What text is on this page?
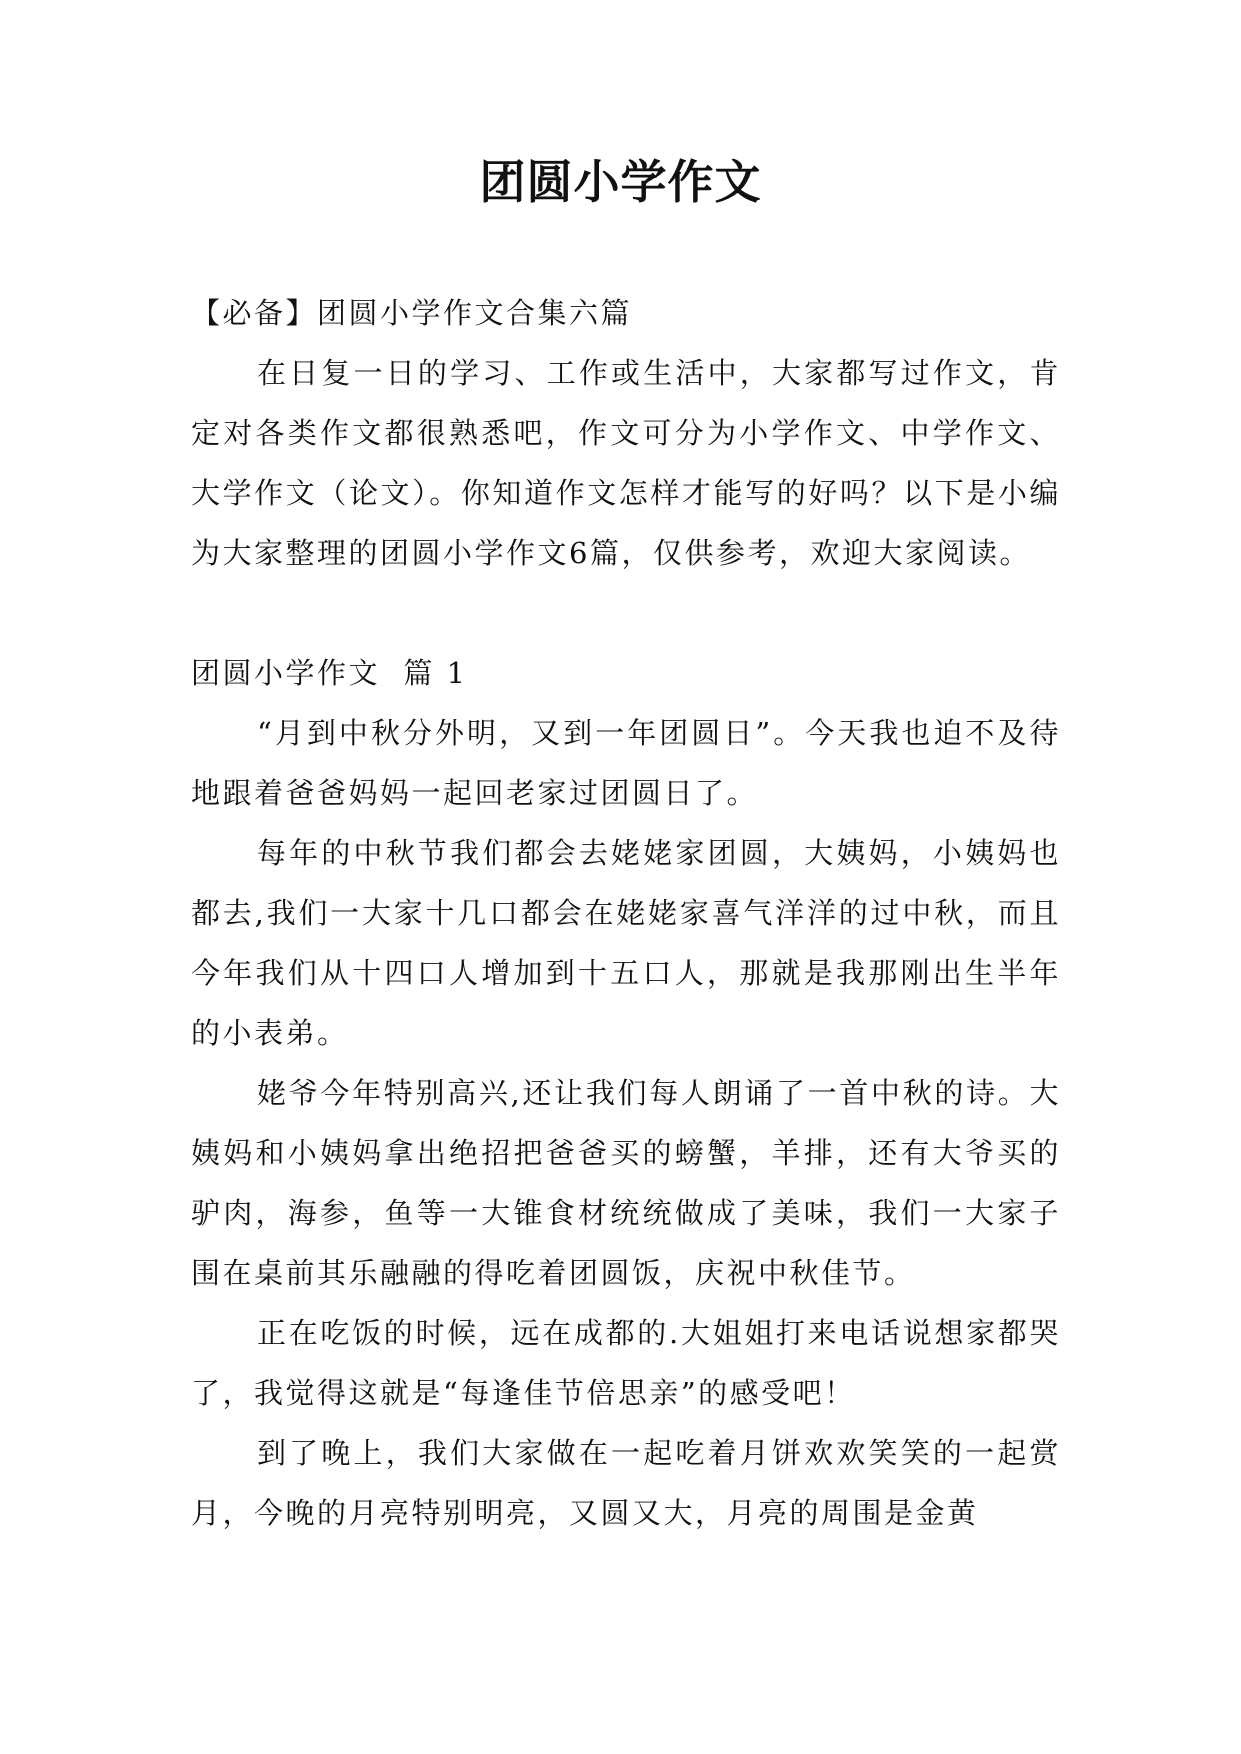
团圆小学作文

【必备】团圆小学作文合集六篇

在日复一日的学习、工作或生活中，大家都写过作文，肯定对各类作文都很熟悉吧，作文可分为小学作文、中学作文、大学作文（论文）。你知道作文怎样才能写的好吗？以下是小编为大家整理的团圆小学作文6篇，仅供参考，欢迎大家阅读。

团圆小学作文  篇 1

“月到中秋分外明，又到一年团圆日”。今天我也迫不及待地跟着爸爸妈妈一起回老家过团圆日了。

每年的中秋节我们都会去姥姥家团圆，大姨妈，小姨妈也都去,我们一大家十几口都会在姥姥家喜气洋洋的过中秋，而且今年我们从十四口人增加到十五口人，那就是我那刚出生半年的小表弟。

姥爷今年特别高兴,还让我们每人朗诵了一首中秋的诗。大姨妈和小姨妈拿出绝招把爸爸买的螃蟹，羊排，还有大爷买的驴肉，海参，鱼等一大锥食材统统做成了美味，我们一大家子围在桌前其乐融融的得吃着团圆饭，庆祝中秋佳节。

正在吃饭的时候，远在成都的.大姐姐打来电话说想家都哭了，我觉得这就是“每逢佳节倍思亲”的感受吧！

到了晚上，我们大家做在一起吃着月饼欢欢笑笑的一起赏月，今晚的月亮特别明亮，又圆又大，月亮的周围是金黄
